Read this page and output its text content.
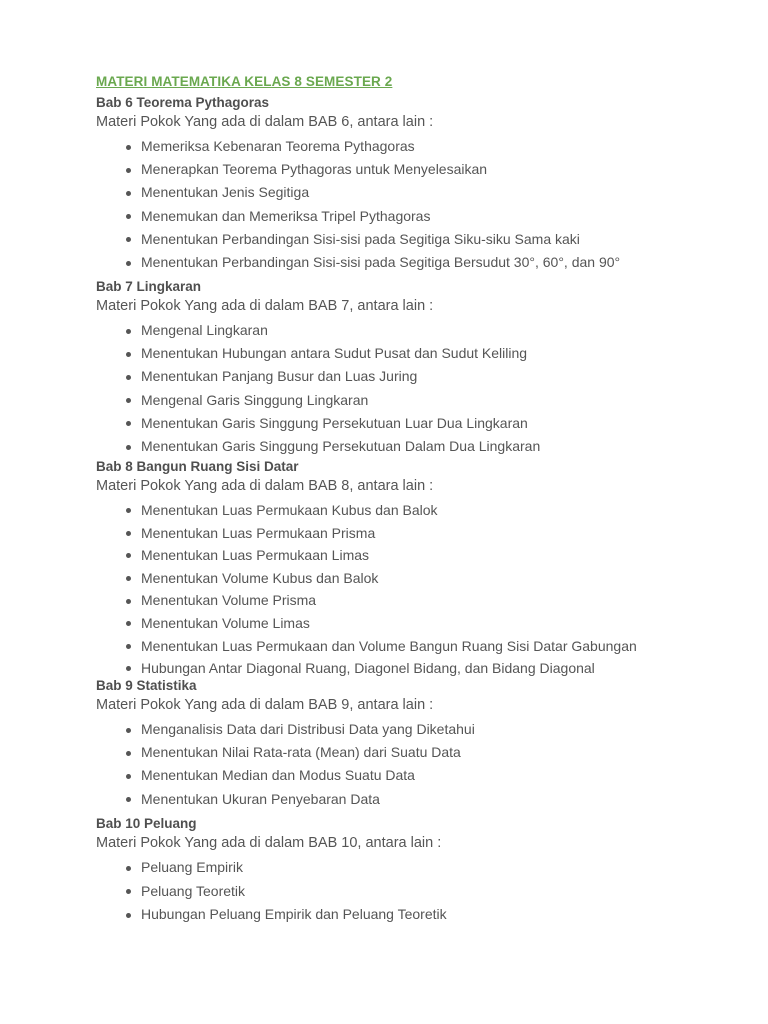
MATERI MATEMATIKA KELAS 8 SEMESTER 2
Bab 6 Teorema Pythagoras
Materi Pokok Yang ada di dalam BAB 6, antara lain :
Memeriksa Kebenaran Teorema Pythagoras
Menerapkan Teorema Pythagoras untuk Menyelesaikan
Menentukan Jenis Segitiga
Menemukan dan Memeriksa Tripel Pythagoras
Menentukan Perbandingan Sisi-sisi pada Segitiga Siku-siku Sama kaki
Menentukan Perbandingan Sisi-sisi pada Segitiga Bersudut 30°, 60°, dan 90°
Bab 7 Lingkaran
Materi Pokok Yang ada di dalam BAB 7, antara lain :
Mengenal Lingkaran
Menentukan Hubungan antara Sudut Pusat dan Sudut Keliling
Menentukan Panjang Busur dan Luas Juring
Mengenal Garis Singgung Lingkaran
Menentukan Garis Singgung Persekutuan Luar Dua Lingkaran
Menentukan Garis Singgung Persekutuan Dalam Dua Lingkaran
Bab 8 Bangun Ruang Sisi Datar
Materi Pokok Yang ada di dalam BAB 8, antara lain :
Menentukan Luas Permukaan Kubus dan Balok
Menentukan Luas Permukaan Prisma
Menentukan Luas Permukaan Limas
Menentukan Volume Kubus dan Balok
Menentukan Volume Prisma
Menentukan Volume Limas
Menentukan Luas Permukaan dan Volume Bangun Ruang Sisi Datar Gabungan
Hubungan Antar Diagonal Ruang, Diagonel Bidang, dan Bidang Diagonal
Bab 9 Statistika
Materi Pokok Yang ada di dalam BAB 9, antara lain :
Menganalisis Data dari Distribusi Data yang Diketahui
Menentukan Nilai Rata-rata (Mean) dari Suatu Data
Menentukan Median dan Modus Suatu Data
Menentukan Ukuran Penyebaran Data
Bab 10 Peluang
Materi Pokok Yang ada di dalam BAB 10, antara lain :
Peluang Empirik
Peluang Teoretik
Hubungan Peluang Empirik dan Peluang Teoretik
